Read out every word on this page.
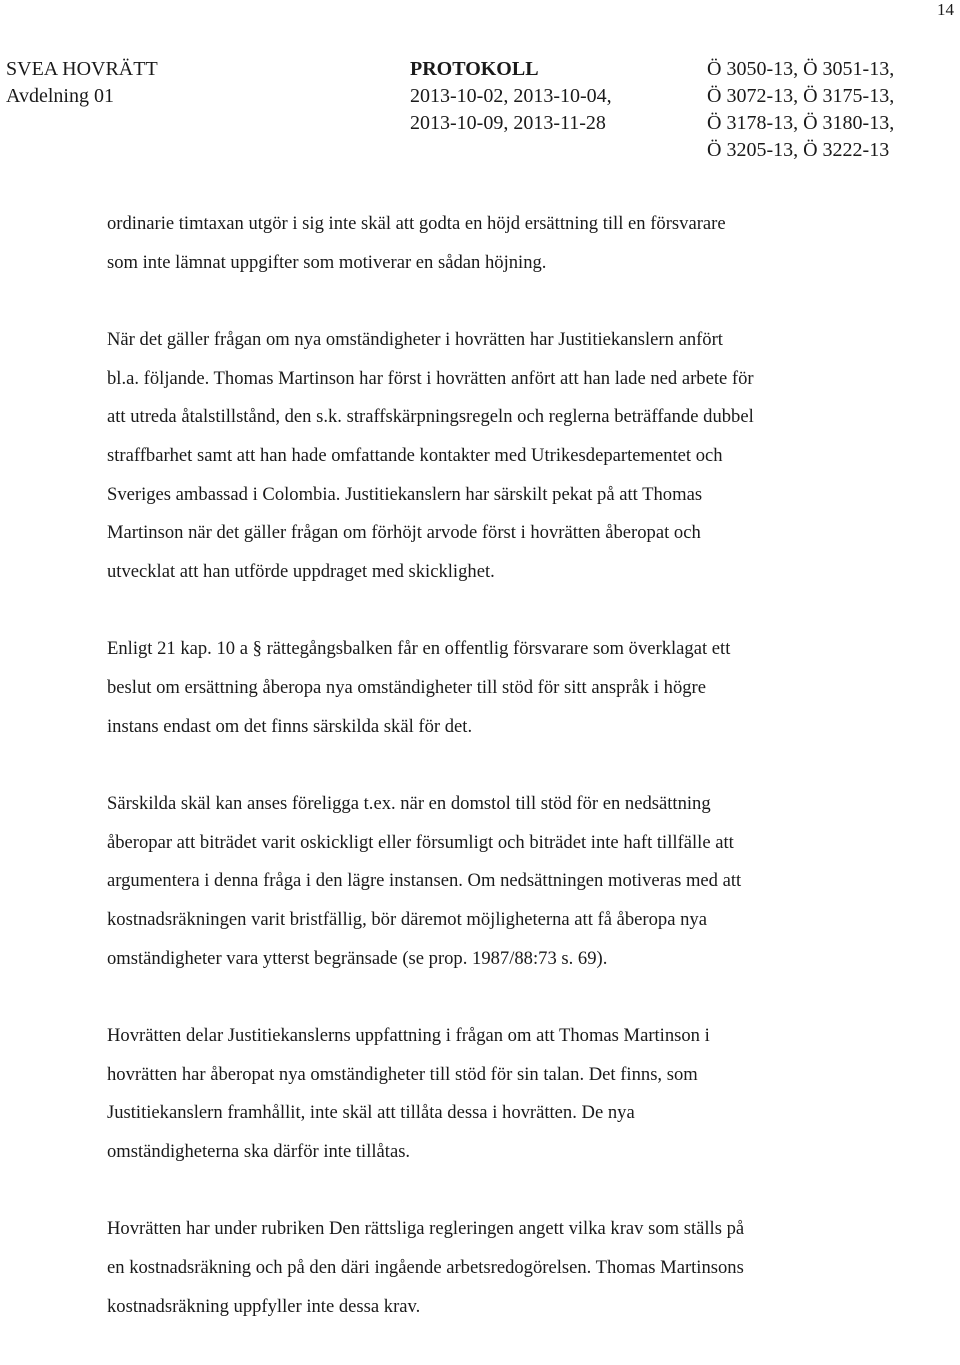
14
SVEA HOVRÄTT
Avdelning 01
PROTOKOLL
2013-10-02, 2013-10-04,
2013-10-09, 2013-11-28
Ö 3050-13, Ö 3051-13,
Ö 3072-13, Ö 3175-13,
Ö 3178-13, Ö 3180-13,
Ö 3205-13, Ö 3222-13
ordinarie timtaxan utgör i sig inte skäl att godta en höjd ersättning till en försvarare
som inte lämnat uppgifter som motiverar en sådan höjning.
När det gäller frågan om nya omständigheter i hovrätten har Justitiekanslern anfört
bl.a. följande. Thomas Martinson har först i hovrätten anfört att han lade ned arbete för
att utreda åtalstillstånd, den s.k. straffskärpningsregeln och reglerna beträffande dubbel
straffbarhet samt att han hade omfattande kontakter med Utrikesdepartementet och
Sveriges ambassad i Colombia. Justitiekanslern har särskilt pekat på att Thomas
Martinson när det gäller frågan om förhöjt arvode först i hovrätten åberopat och
utvecklat att han utförde uppdraget med skicklighet.
Enligt 21 kap. 10 a § rättegångsbalken får en offentlig försvarare som överklagat ett
beslut om ersättning åberopa nya omständigheter till stöd för sitt anspråk i högre
instans endast om det finns särskilda skäl för det.
Särskilda skäl kan anses föreligga t.ex. när en domstol till stöd för en nedsättning
åberopar att biträdet varit oskickligt eller försumligt och biträdet inte haft tillfälle att
argumentera i denna fråga i den lägre instansen. Om nedsättningen motiveras med att
kostnadsräkningen varit bristfällig, bör däremot möjligheterna att få åberopa nya
omständigheter vara ytterst begränsade (se prop. 1987/88:73 s. 69).
Hovrätten delar Justitiekanslerns uppfattning i frågan om att Thomas Martinson i
hovrätten har åberopat nya omständigheter till stöd för sin talan. Det finns, som
Justitiekanslern framhållit, inte skäl att tillåta dessa i hovrätten. De nya
omständigheterna ska därför inte tillåtas.
Hovrätten har under rubriken Den rättsliga regleringen angett vilka krav som ställs på
en kostnadsräkning och på den däri ingående arbetsredogörelsen. Thomas Martinsons
kostnadsräkning uppfyller inte dessa krav.
